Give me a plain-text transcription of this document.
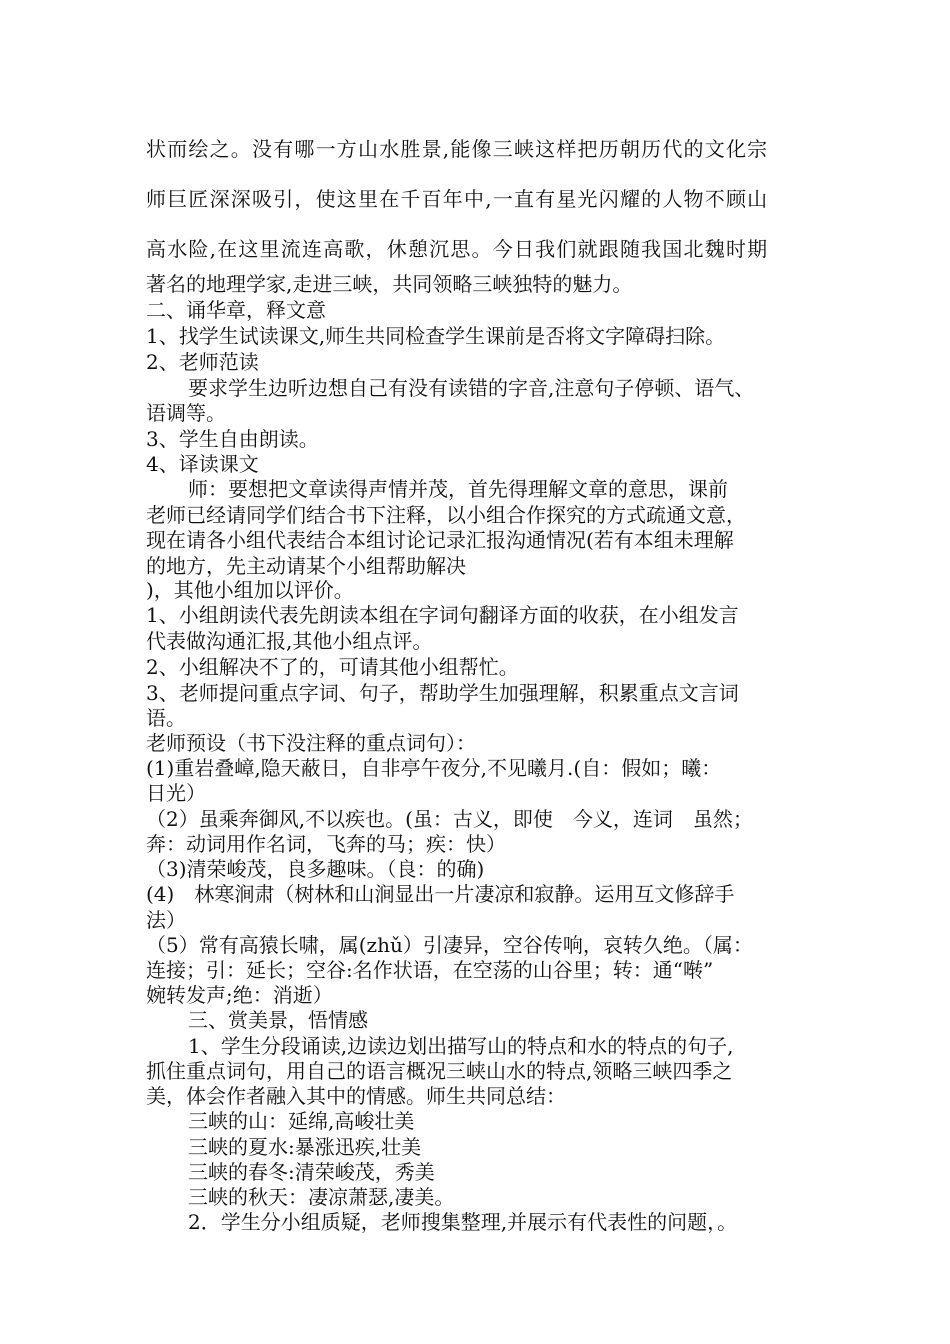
状而绘之。没有哪一方山水胜景,能像三峡这样把历朝历代的文化宗
师巨匠深深吸引，使这里在千百年中,一直有星光闪耀的人物不顾山
高水险,在这里流连高歌，休憩沉思。今日我们就跟随我国北魏时期
著名的地理学家,走进三峡，共同领略三峡独特的魅力。
二、诵华章，释文意
1、找学生试读课文,师生共同检查学生课前是否将文字障碍扫除。
2、老师范读
要求学生边听边想自己有没有读错的字音,注意句子停顿、语气、
语调等。
3、学生自由朗读。
4、译读课文
师：要想把文章读得声情并茂，首先得理解文章的意思，课前
老师已经请同学们结合书下注释，以小组合作探究的方式疏通文意，
现在请各小组代表结合本组讨论记录汇报沟通情况(若有本组未理解
的地方，先主动请某个小组帮助解决
)，其他小组加以评价。
1、小组朗读代表先朗读本组在字词句翻译方面的收获，在小组发言
代表做沟通汇报,其他小组点评。
2、小组解决不了的，可请其他小组帮忙。
3、老师提问重点字词、句子，帮助学生加强理解，积累重点文言词
语。
老师预设（书下没注释的重点词句）：
(1)重岩叠嶂,隐天蔽日，自非亭午夜分,不见曦月.(自：假如；曦：
日光）
（2）虽乘奔御风,不以疾也。(虽：古义，即使　今义，连词　虽然；
奔：动词用作名词，飞奔的马；疾：快）
（3)清荣峻茂，良多趣味。（良：的确)
(4)　林寒涧肃（树林和山涧显出一片凄凉和寂静。运用互文修辞手
法）
（5）常有高猿长啸，属(zhǔ）引凄异，空谷传响，哀转久绝。（属：
连接；引：延长；空谷:名作状语，在空荡的山谷里；转：通“啭”
婉转发声;绝：消逝）
三、赏美景，悟情感
1、学生分段诵读,边读边划出描写山的特点和水的特点的句子,
抓住重点词句，用自己的语言概况三峡山水的特点,领略三峡四季之
美，体会作者融入其中的情感。师生共同总结：
三峡的山：延绵,高峻壮美
三峡的夏水:暴涨迅疾,壮美
三峡的春冬:清荣峻茂，秀美
三峡的秋天：凄凉萧瑟,凄美。
2．学生分小组质疑，老师搜集整理,并展示有代表性的问题，。
